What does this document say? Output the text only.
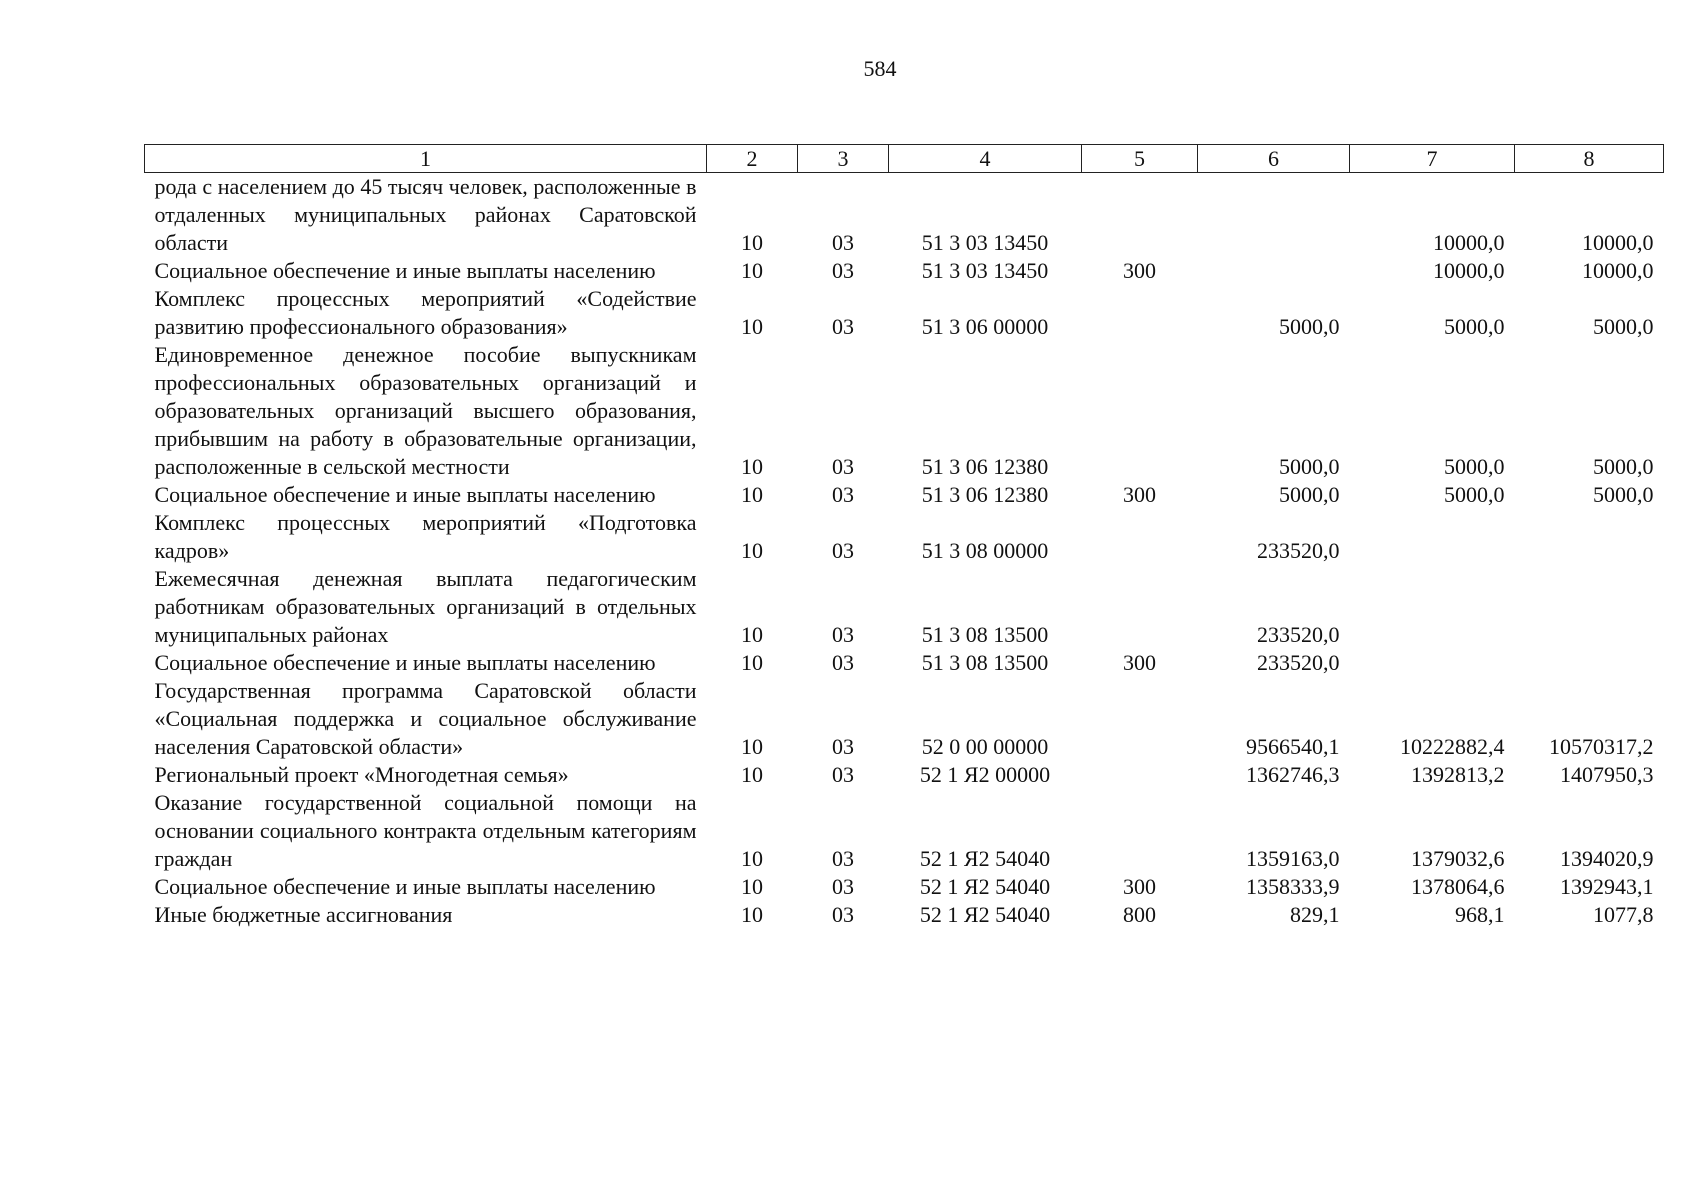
584
1	2	3	4	5	6	7	8
рода с населением до 45 тысяч человек, расположенные в отдаленных муниципальных районах Саратовской области	10	03	51 3 03 13450			10000,0	10000,0
Социальное обеспечение и иные выплаты населению	10	03	51 3 03 13450	300		10000,0	10000,0
Комплекс процессных мероприятий «Содействие развитию профессионального образования»	10	03	51 3 06 00000		5000,0	5000,0	5000,0
Единовременное денежное пособие выпускникам профессиональных образовательных организаций и образовательных организаций высшего образования, прибывшим на работу в образовательные организации, расположенные в сельской местности	10	03	51 3 06 12380		5000,0	5000,0	5000,0
Социальное обеспечение и иные выплаты населению	10	03	51 3 06 12380	300	5000,0	5000,0	5000,0
Комплекс процессных мероприятий «Подготовка кадров»	10	03	51 3 08 00000		233520,0		
Ежемесячная денежная выплата педагогическим работникам образовательных организаций в отдельных муниципальных районах	10	03	51 3 08 13500		233520,0		
Социальное обеспечение и иные выплаты населению	10	03	51 3 08 13500	300	233520,0		
Государственная программа Саратовской области «Социальная поддержка и социальное обслуживание населения Саратовской области»	10	03	52 0 00 00000		9566540,1	10222882,4	10570317,2
Региональный проект «Многодетная семья»	10	03	52 1 Я2 00000		1362746,3	1392813,2	1407950,3
Оказание государственной социальной помощи на основании социального контракта отдельным категориям граждан	10	03	52 1 Я2 54040		1359163,0	1379032,6	1394020,9
Социальное обеспечение и иные выплаты населению	10	03	52 1 Я2 54040	300	1358333,9	1378064,6	1392943,1
Иные бюджетные ассигнования	10	03	52 1 Я2 54040	800	829,1	968,1	1077,8
